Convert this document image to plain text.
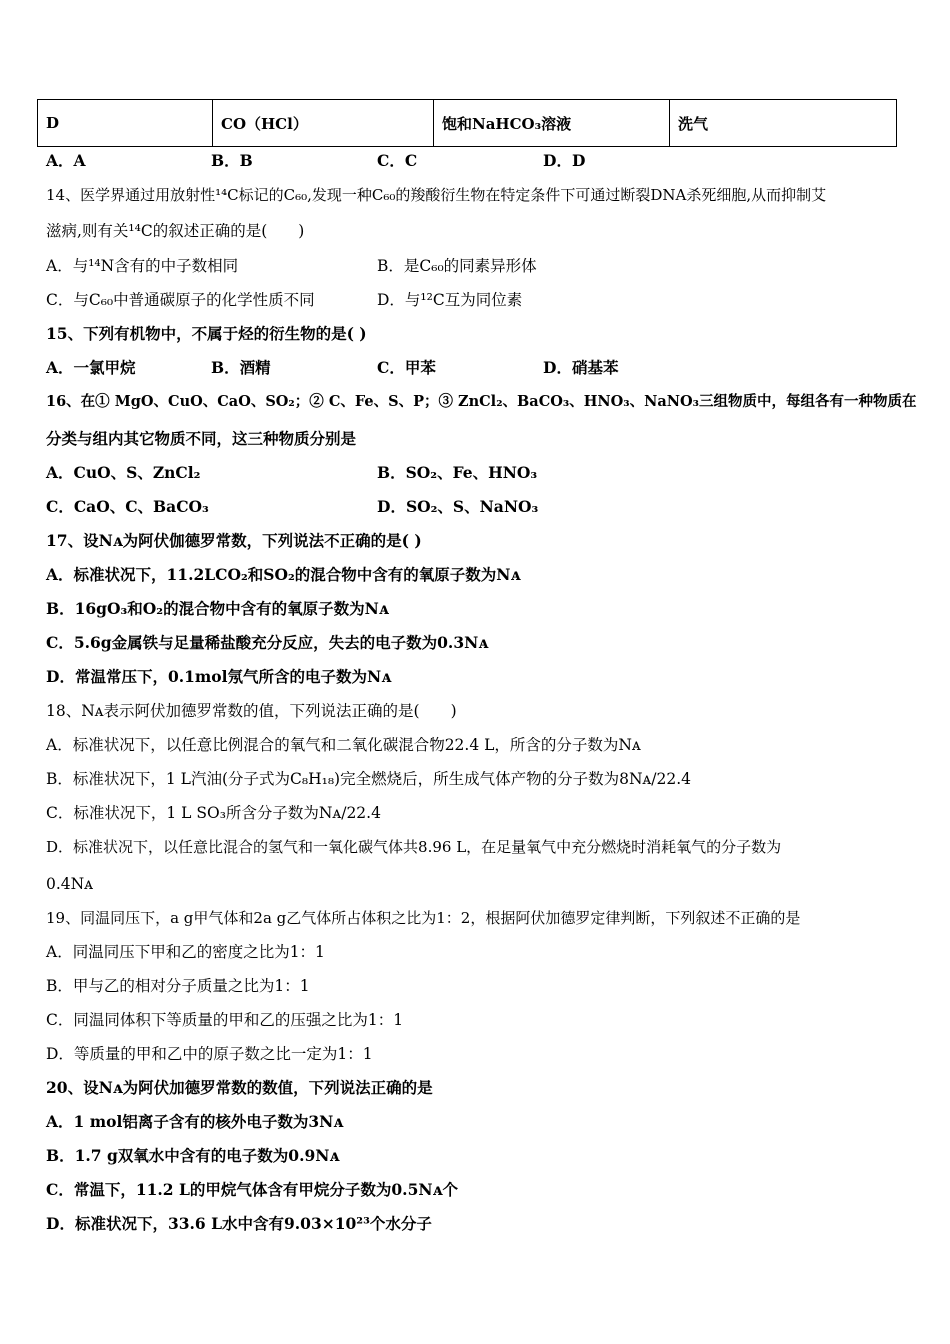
D	CO（HCl）	饱和NaHCO₃溶液	洗气
A．A	B．B	C．C	D．D
14、医学界通过用放射性¹⁴C标记的C₆₀,发现一种C₆₀的羧酸衍生物在特定条件下可通过断裂DNA杀死细胞,从而抑制艾
滋病,则有关¹⁴C的叙述正确的是(　　)
A．与¹⁴N含有的中子数相同	B．是C₆₀的同素异形体
C．与C₆₀中普通碳原子的化学性质不同	D．与¹²C互为同位素
15、下列有机物中，不属于烃的衍生物的是( )
A．一氯甲烷	B．酒精	C．甲苯	D．硝基苯
16、在① MgO、CuO、CaO、SO₂；② C、Fe、S、P；③ ZnCl₂、BaCO₃、HNO₃、NaNO₃三组物质中，每组各有一种物质在
分类与组内其它物质不同，这三种物质分别是
A．CuO、S、ZnCl₂	B．SO₂、Fe、HNO₃
C．CaO、C、BaCO₃	D．SO₂、S、NaNO₃
17、设Nᴀ为阿伏伽德罗常数，下列说法不正确的是( )
A．标准状况下，11.2LCO₂和SO₂的混合物中含有的氧原子数为Nᴀ
B．16gO₃和O₂的混合物中含有的氧原子数为Nᴀ
C．5.6g金属铁与足量稀盐酸充分反应，失去的电子数为0.3Nᴀ
D．常温常压下，0.1mol氖气所含的电子数为Nᴀ
18、Nᴀ表示阿伏加德罗常数的值，下列说法正确的是(　　)
A．标准状况下，以任意比例混合的氧气和二氧化碳混合物22.4 L，所含的分子数为Nᴀ
B．标准状况下，1 L汽油(分子式为C₈H₁₈)完全燃烧后，所生成气体产物的分子数为8Nᴀ/22.4
C．标准状况下，1 L SO₃所含分子数为Nᴀ/22.4
D．标准状况下，以任意比混合的氢气和一氧化碳气体共8.96 L，在足量氧气中充分燃烧时消耗氧气的分子数为
0.4Nᴀ
19、同温同压下，a g甲气体和2a g乙气体所占体积之比为1：2，根据阿伏加德罗定律判断，下列叙述不正确的是
A．同温同压下甲和乙的密度之比为1：1
B．甲与乙的相对分子质量之比为1：1
C．同温同体积下等质量的甲和乙的压强之比为1：1
D．等质量的甲和乙中的原子数之比一定为1：1
20、设Nᴀ为阿伏加德罗常数的数值，下列说法正确的是
A．1 mol铝离子含有的核外电子数为3Nᴀ
B．1.7 g双氧水中含有的电子数为0.9Nᴀ
C．常温下，11.2 L的甲烷气体含有甲烷分子数为0.5Nᴀ个
D．标准状况下，33.6 L水中含有9.03×10²³个水分子
